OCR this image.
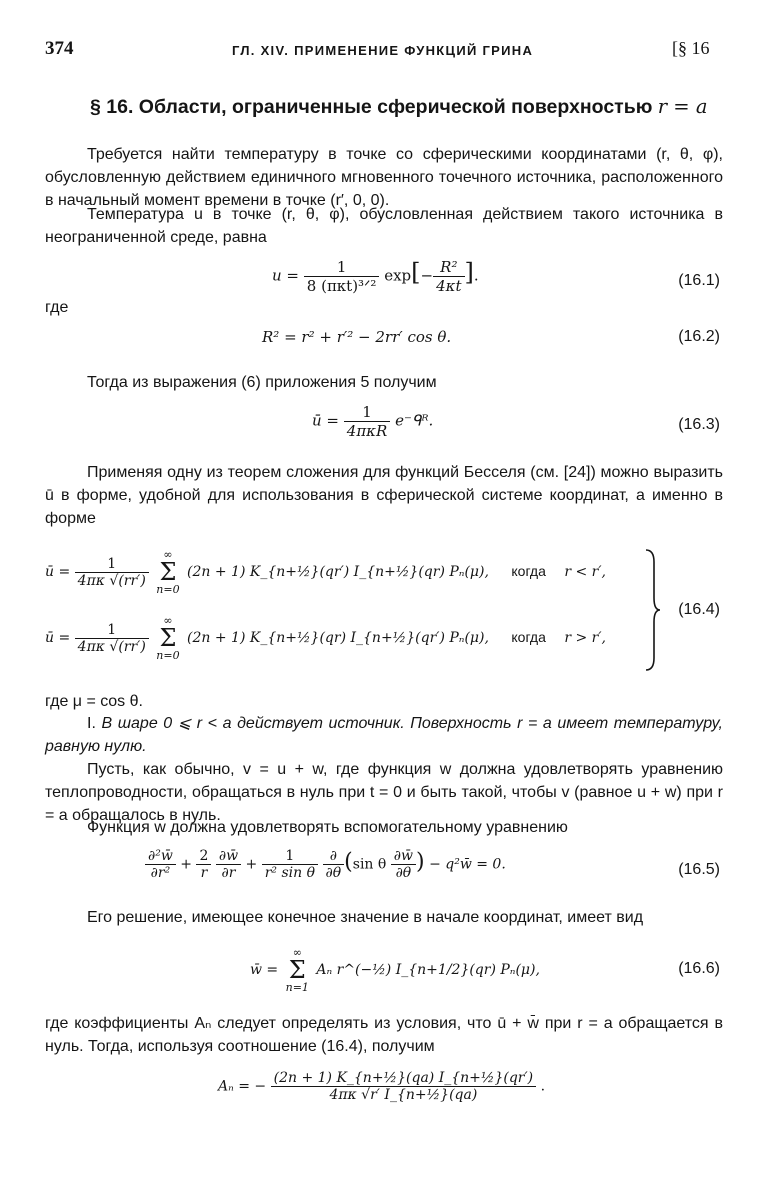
374	ГЛ. XIV. ПРИМЕНЕНИЕ ФУНКЦИЙ ГРИНА	[§ 16
§ 16. Области, ограниченные сферической поверхностью r = a
Требуется найти температуру в точке со сферическими координатами (r, θ, φ), обусловленную действием единичного мгновенного точечного источника, расположенного в начальный момент времени в точке (r′, 0, 0).
Температура u в точке (r, θ, φ), обусловленная действием такого источника в неограниченной среде, равна
$u = \frac{1}{\text{8 (πκt)³ᐟ²}} \exp[- \frac{\text{R²}}{4\kappa t}$ ].	(16.1)
где
R² = r² + r′² − 2rr′ cos θ.	(16.2)
Тогда из выражения (6) приложения 5 получим
ū = $\frac{1}{\text{4πκR}}$ e⁻ᑫᴿ.	(16.3)
Применяя одну из теорем сложения для функций Бесселя (см. [24]) можно выразить ū в форме, удобной для использования в сферической системе координат, а именно в форме
ū = $\frac{1}{4\pi\kappa √(rr')}$

∞
Σ
n=0
(2n + 1) K_{n+½}(qr′) I_{n+½}(qr) Pₙ(μ), когда r < r′,
ū = $\frac{1}{4\pi\kappa √(rr')}$

∞
Σ
n=0
(2n + 1) K_{n+½}(qr) I_{n+½}(qr′) Pₙ(μ), когда r > r′,
(16.4)
где μ = cos θ.
I. В шаре 0 ⩽ r < a действует источник. Поверхность r = a имеет температуру, равную нулю.
Пусть, как обычно, v = u + w, где функция w должна удовлетворять уравнению теплопроводности, обращаться в нуль при t = 0 и быть такой, чтобы v (равное u + w) при r = a обращалось в нуль.
Функция w̄ должна удовлетворять вспомогательному уравнению
$\frac{\text{∂²w̄}}{\text{∂r²}} + \frac{2}{r}$
$\frac{\partial w̄}{\partial r} + \frac{1}{\text{r² sin θ}}$
$\frac{\partial}{\partial\theta} (\sin$ θ $\frac{\partial w̄}{\partial\theta}$ ) − q²w̄ = 0.	(16.5)
Его решение, имеющее конечное значение в начале координат, имеет вид
w̄ =
∞
Σ
n=1
Aₙ r^(−½) I_{n+1/2}(qr) Pₙ(μ),	(16.6)
где коэффициенты Aₙ следует определять из условия, что ū + w̄ при r = a обращается в нуль. Тогда, используя соотношение (16.4), получим
Aₙ = − $\frac{\text{(2n + 1) K\_\{n+½\}(qa) I\_\{n+½\}(qr′)}}{\text{4πκ √r′ I\_\{n+½\}(qa)}}$ .
